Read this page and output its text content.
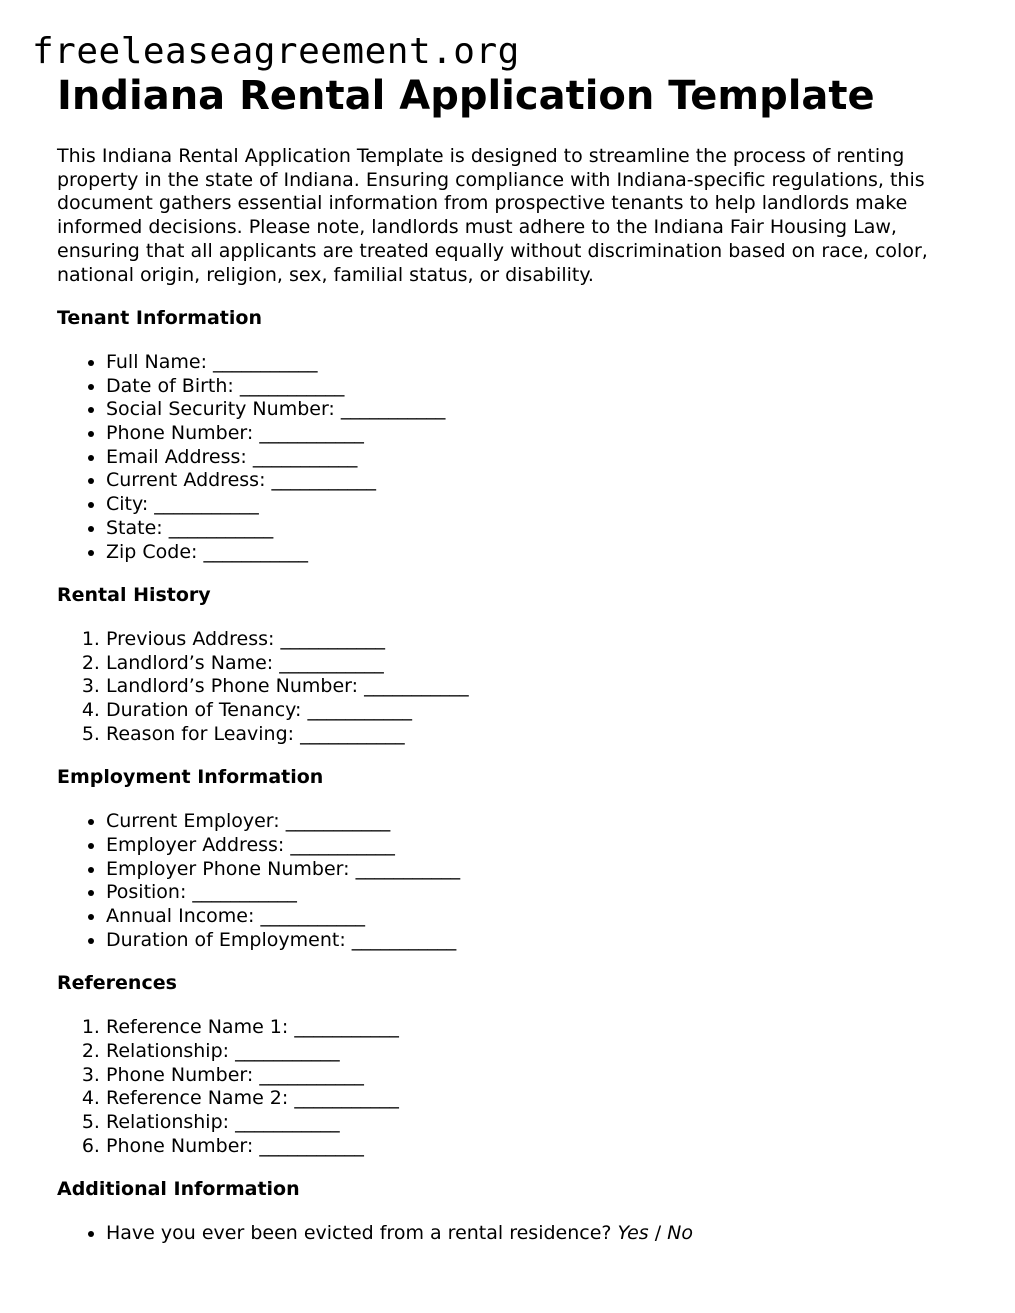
freeleaseagreement.org
Indiana Rental Application Template

This Indiana Rental Application Template is designed to streamline the process of renting property in the state of Indiana. Ensuring compliance with Indiana-specific regulations, this document gathers essential information from prospective tenants to help landlords make informed decisions. Please note, landlords must adhere to the Indiana Fair Housing Law, ensuring that all applicants are treated equally without discrimination based on race, color, national origin, religion, sex, familial status, or disability.

Tenant Information
• Full Name: ___________
• Date of Birth: ___________
• Social Security Number: ___________
• Phone Number: ___________
• Email Address: ___________
• Current Address: ___________
• City: ___________
• State: ___________
• Zip Code: ___________
Rental History
1. Previous Address: ___________
2. Landlord’s Name: ___________
3. Landlord’s Phone Number: ___________
4. Duration of Tenancy: ___________
5. Reason for Leaving: ___________
Employment Information
• Current Employer: ___________
• Employer Address: ___________
• Employer Phone Number: ___________
• Position: ___________
• Annual Income: ___________
• Duration of Employment: ___________
References
1. Reference Name 1: ___________
2. Relationship: ___________
3. Phone Number: ___________
4. Reference Name 2: ___________
5. Relationship: ___________
6. Phone Number: ___________
Additional Information
• Have you ever been evicted from a rental residence? Yes / No
